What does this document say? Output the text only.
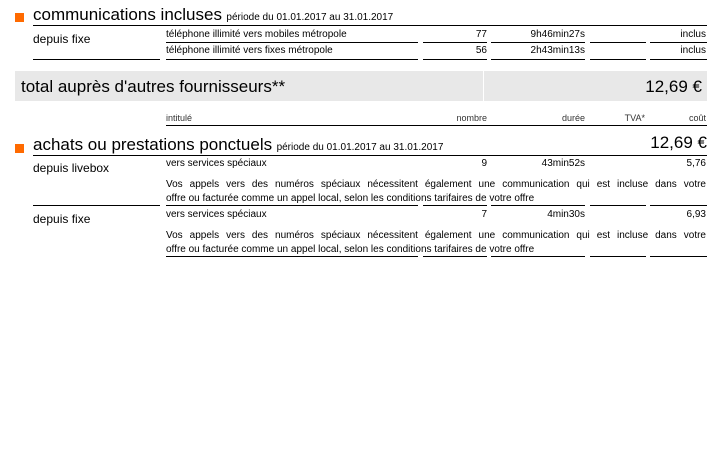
communications incluses période du 01.01.2017 au 31.01.2017
depuis fixe	téléphone illimité vers mobiles métropole	77	9h46min27s	inclus
téléphone illimité vers fixes métropole	56	2h43min13s	inclus
total auprès d'autres fournisseurs**	12,69 €
intitulé	nombre	durée	TVA*	coût
achats ou prestations ponctuels période du 01.01.2017 au 31.01.2017	12,69 €
depuis livebox	vers services spéciaux	9	43min52s	5,76
Vos appels vers des numéros spéciaux nécessitent également une communication qui est incluse dans votre
offre ou facturée comme un appel local, selon les conditions tarifaires de votre offre
depuis fixe	vers services spéciaux	7	4min30s	6,93
Vos appels vers des numéros spéciaux nécessitent également une communication qui est incluse dans votre
offre ou facturée comme un appel local, selon les conditions tarifaires de votre offre
